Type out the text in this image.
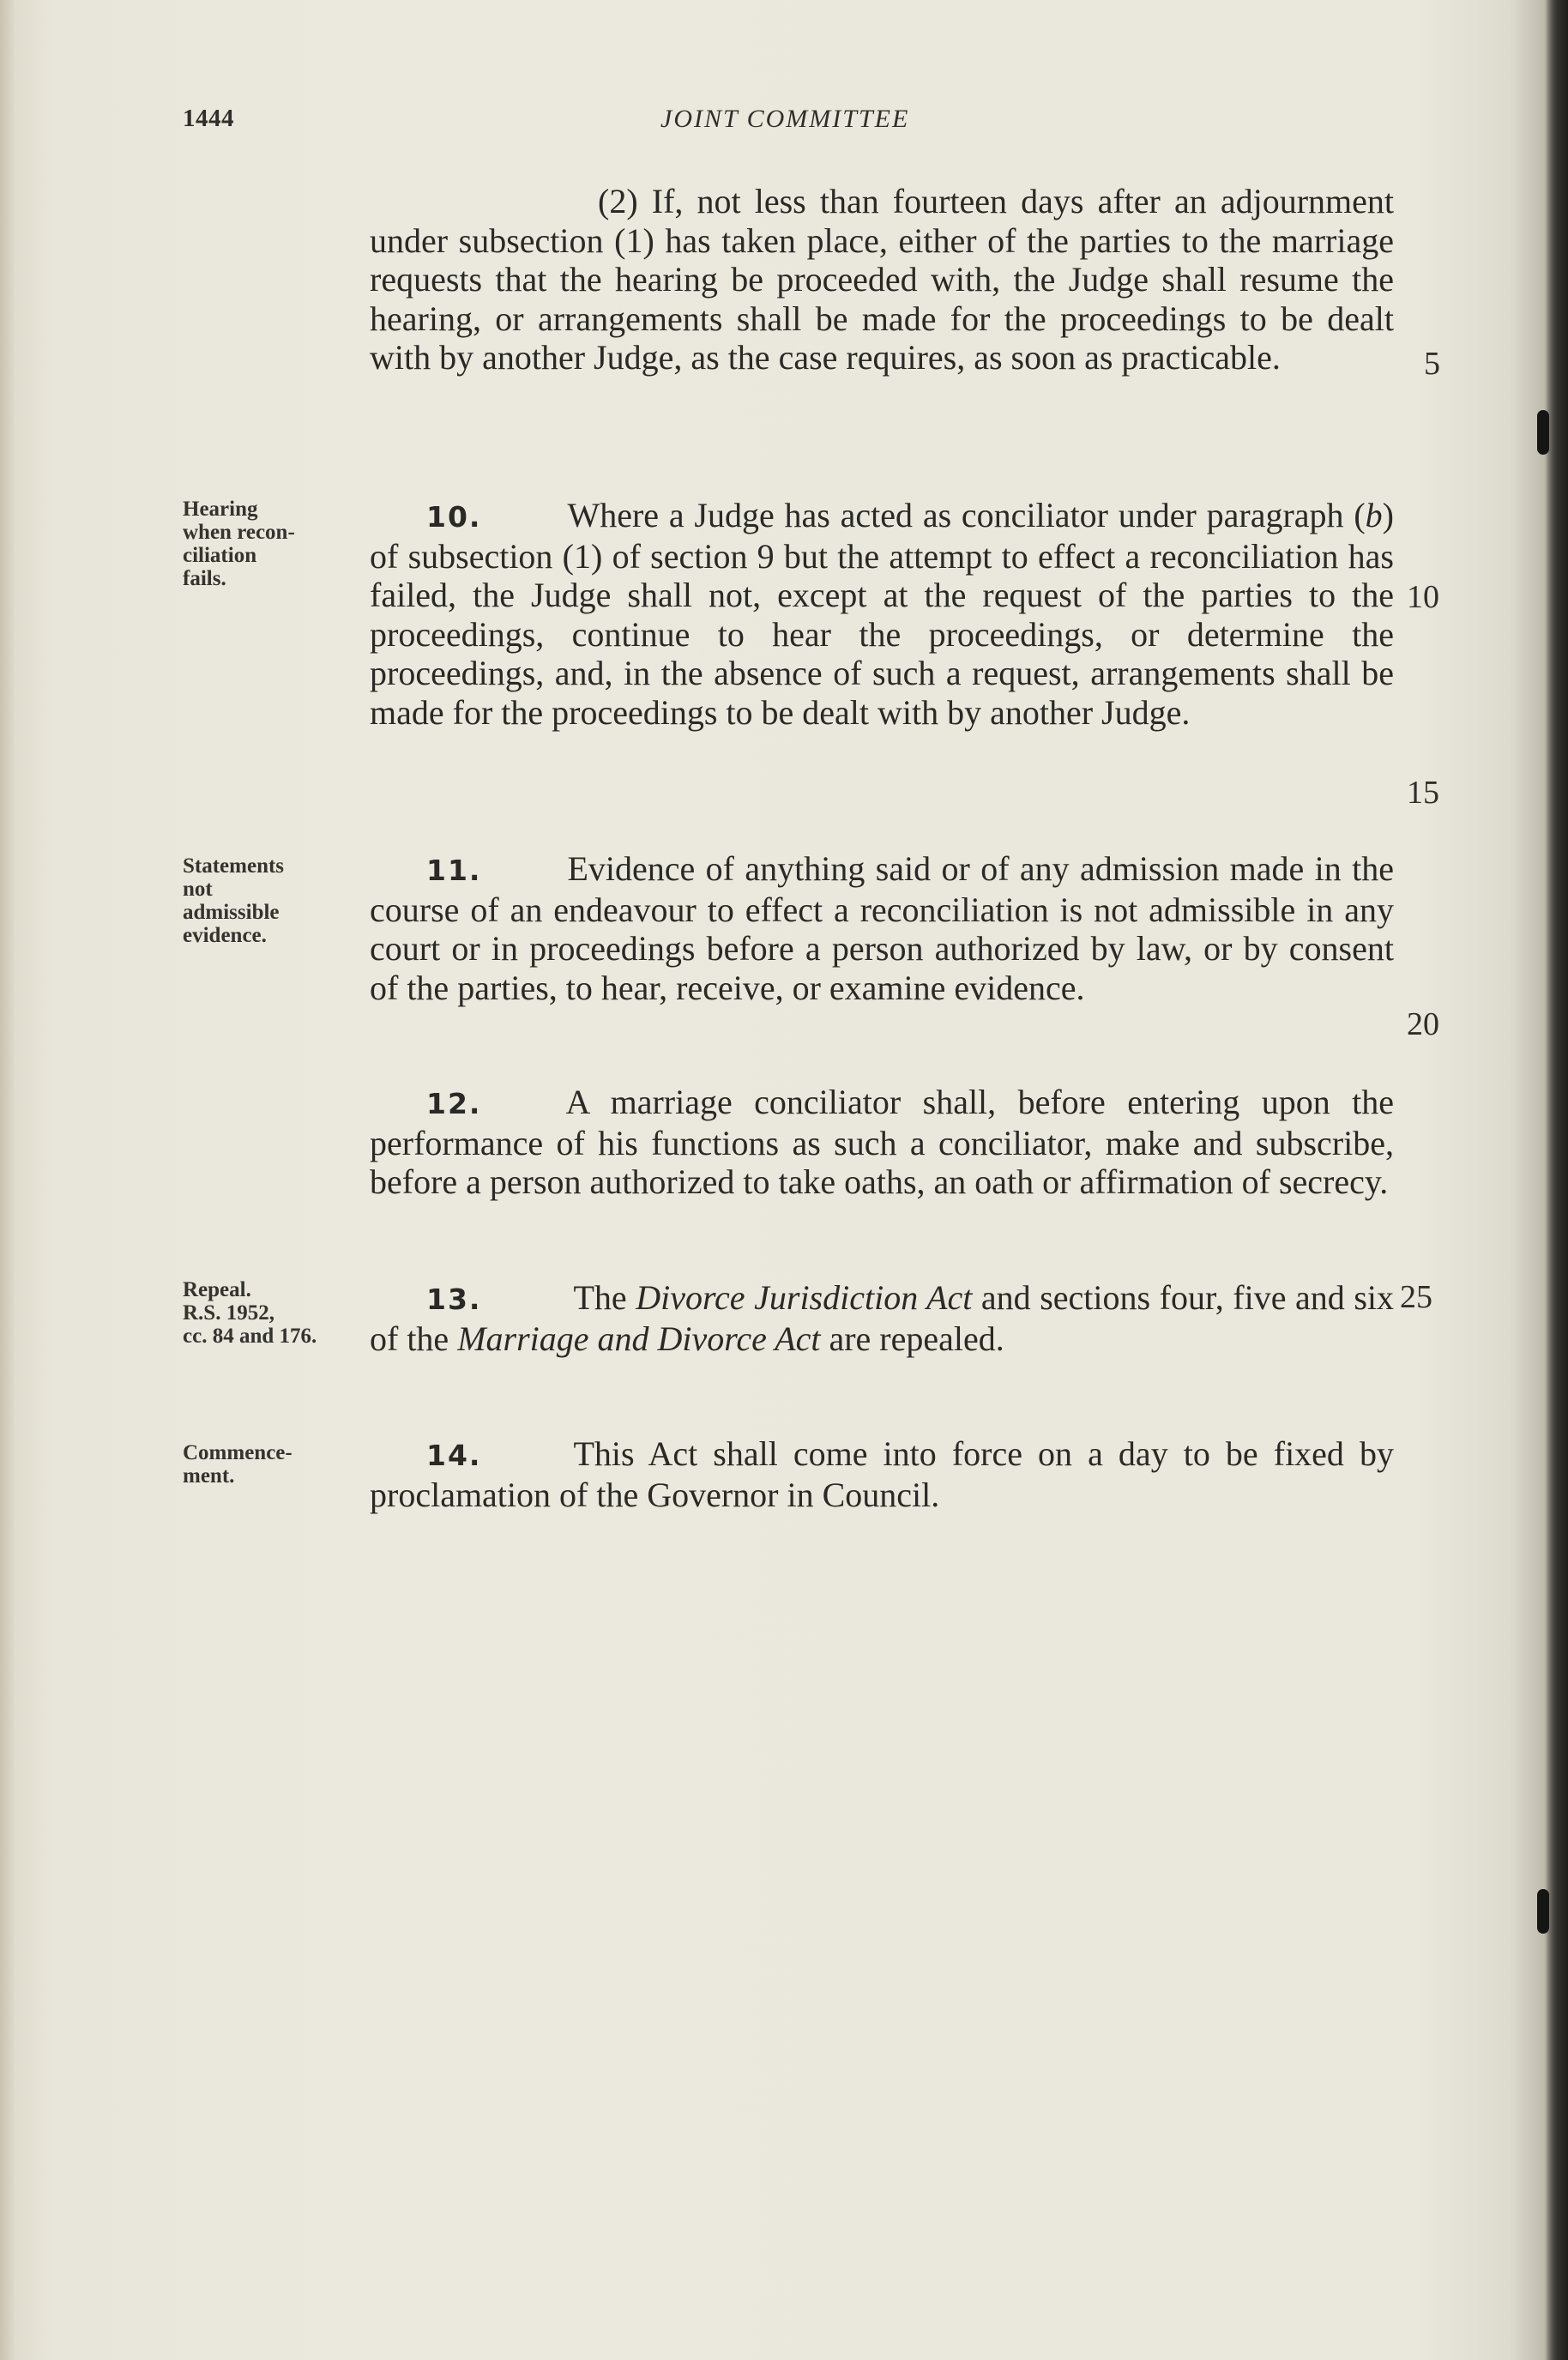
1444	JOINT COMMITTEE

(2) If, not less than fourteen days after an adjournment under subsection (1) has taken place, either of the parties to the marriage requests that the hearing be proceeded with, the Judge shall resume the hearing, or arrangements shall be made for the proceedings to be dealt with by another Judge, as the case requires, as soon as practicable.

Hearing
when recon-
ciliation
fails.

10.	Where a Judge has acted as conciliator under paragraph (b) of subsection (1) of section 9 but the attempt to effect a reconciliation has failed, the Judge shall not, except at the request of the parties to the proceedings, continue to hear the proceedings, or determine the proceedings, and, in the absence of such a request, arrangements shall be made for the proceedings to be dealt with by another Judge.

Statements
not
admissible
evidence.

11.	Evidence of anything said or of any admission made in the course of an endeavour to effect a reconciliation is not admissible in any court or in proceedings before a person authorized by law, or by consent of the parties, to hear, receive, or examine evidence.

12. A marriage conciliator shall, before entering upon the performance of his functions as such a conciliator, make and subscribe, before a person authorized to take oaths, an oath or affirmation of secrecy.

Repeal.
R.S. 1952,
cc. 84 and 176.

13.	The Divorce Jurisdiction Act and sections four, five and six of the Marriage and Divorce Act are repealed.

Commence-
ment.

14.	This Act shall come into force on a day to be fixed by proclamation of the Governor in Council.

5
10
15
20
25
